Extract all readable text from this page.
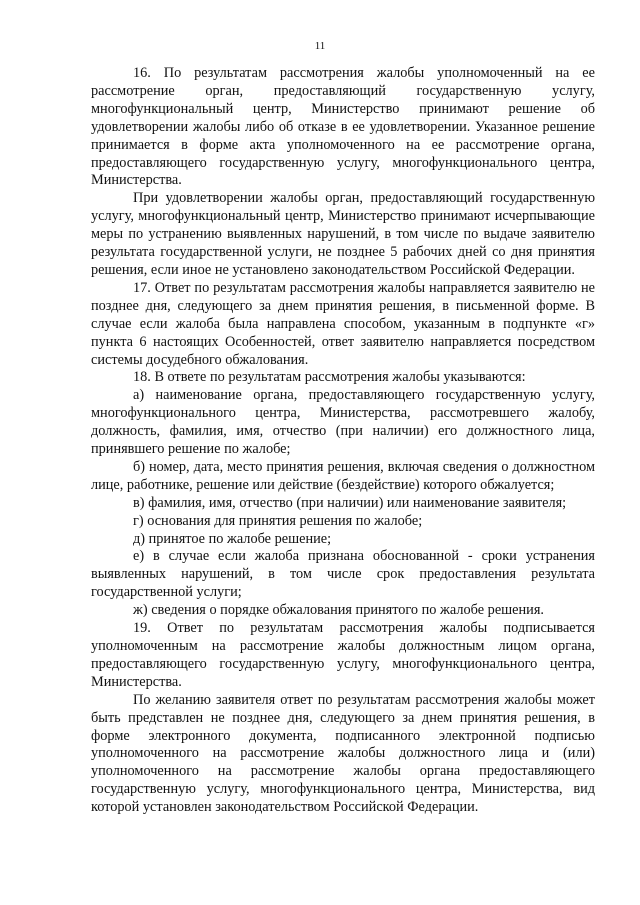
11

16. По результатам рассмотрения жалобы уполномоченный на ее рассмотрение орган, предоставляющий государственную услугу, многофункциональный центр, Министерство принимают решение об удовлетворении жалобы либо об отказе в ее удовлетворении. Указанное решение принимается в форме акта уполномоченного на ее рассмотрение органа, предоставляющего государственную услугу, многофункционального центра, Министерства.

При удовлетворении жалобы орган, предоставляющий государственную услугу, многофункциональный центр, Министерство принимают исчерпывающие меры по устранению выявленных нарушений, в том числе по выдаче заявителю результата государственной услуги, не позднее 5 рабочих дней со дня принятия решения, если иное не установлено законодательством Российской Федерации.

17. Ответ по результатам рассмотрения жалобы направляется заявителю не позднее дня, следующего за днем принятия решения, в письменной форме. В случае если жалоба была направлена способом, указанным в подпункте «г» пункта 6 настоящих Особенностей, ответ заявителю направляется посредством системы досудебного обжалования.

18. В ответе по результатам рассмотрения жалобы указываются:

а) наименование органа, предоставляющего государственную услугу, многофункционального центра, Министерства, рассмотревшего жалобу, должность, фамилия, имя, отчество (при наличии) его должностного лица, принявшего решение по жалобе;

б) номер, дата, место принятия решения, включая сведения о должностном лице, работнике, решение или действие (бездействие) которого обжалуется;

в) фамилия, имя, отчество (при наличии) или наименование заявителя;

г) основания для принятия решения по жалобе;

д) принятое по жалобе решение;

е) в случае если жалоба признана обоснованной - сроки устранения выявленных нарушений, в том числе срок предоставления результата государственной услуги;

ж) сведения о порядке обжалования принятого по жалобе решения.

19. Ответ по результатам рассмотрения жалобы подписывается уполномоченным на рассмотрение жалобы должностным лицом органа, предоставляющего государственную услугу, многофункционального центра, Министерства.

По желанию заявителя ответ по результатам рассмотрения жалобы может быть представлен не позднее дня, следующего за днем принятия решения, в форме электронного документа, подписанного электронной подписью уполномоченного на рассмотрение жалобы должностного лица и (или) уполномоченного на рассмотрение жалобы органа предоставляющего государственную услугу, многофункционального центра, Министерства, вид которой установлен законодательством Российской Федерации.
